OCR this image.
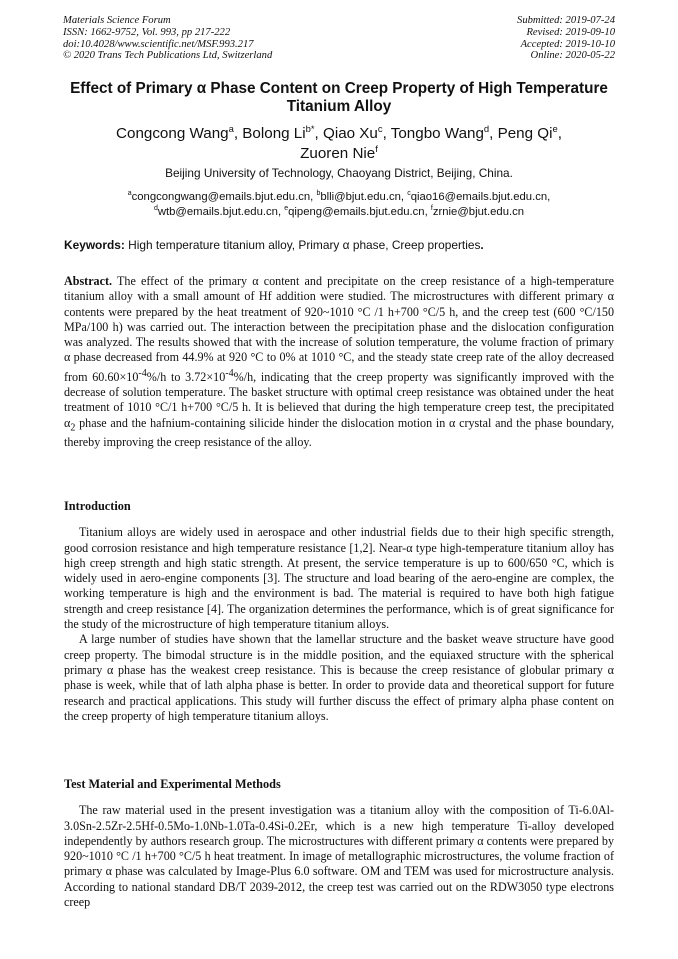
Materials Science Forum
ISSN: 1662-9752, Vol. 993, pp 217-222
doi:10.4028/www.scientific.net/MSF.993.217
© 2020 Trans Tech Publications Ltd, Switzerland
Submitted: 2019-07-24
Revised: 2019-09-10
Accepted: 2019-10-10
Online: 2020-05-22
Effect of Primary α Phase Content on Creep Property of High Temperature Titanium Alloy
Congcong Wang$^a$, Bolong $Li^{b*}$, Qiao Xu$^c$, Tongbo Wang$^d$, Peng Qi$^e$,
Zuoren Nie$^f$
Beijing University of Technology, Chaoyang District, Beijing, China.
$^a$congcongwang@emails.bjut.edu.cn, $^b$blli@bjut.edu.cn, $^c$qiao16@emails.bjut.edu.cn,
$^d$wtb@emails.bjut.edu.cn, $^e$qipeng@emails.bjut.edu.cn, $^f$zrnie@bjut.edu.cn
Keywords: High temperature titanium alloy, Primary α phase, Creep properties.

Abstract. The effect of the primary α content and precipitate on the creep resistance of a high-temperature titanium alloy with a small amount of Hf addition were studied. The microstructures with different primary α contents were prepared by the heat treatment of 920~1010 °C /1 h+700 °C/5 h, and the creep test (600 °C/150 MPa/100 h) was carried out. The interaction between the precipitation phase and the dislocation configuration was analyzed. The results showed that with the increase of solution temperature, the volume fraction of primary α phase decreased from 44.9% at 920 °C to 0% at 1010 °C, and the steady state creep rate of the alloy decreased from $60.60\times 10^{-4}\%/h$ to $3.72\times 10^{-4}\%/h$, indicating that the creep property was significantly improved with the decrease of solution temperature. The basket structure with optimal creep resistance was obtained under the heat treatment of 1010 °C/1 h+700 °C/5 h. It is believed that during the high temperature creep test, the precipitated $\alpha_2$ phase and the hafnium-containing silicide hinder the dislocation motion in α crystal and the phase boundary, thereby improving the creep resistance of the alloy.

Introduction

Titanium alloys are widely used in aerospace and other industrial fields due to their high specific strength, good corrosion resistance and high temperature resistance [1,2]. Near-α type high-temperature titanium alloy has high creep strength and high static strength. At present, the service temperature is up to 600/650 °C, which is widely used in aero-engine components [3]. The structure and load bearing of the aero-engine are complex, the working temperature is high and the environment is bad. The material is required to have both high fatigue strength and creep resistance [4]. The organization determines the performance, which is of great significance for the study of the microstructure of high temperature titanium alloys.

A large number of studies have shown that the lamellar structure and the basket weave structure have good creep property. The bimodal structure is in the middle position, and the equiaxed structure with the spherical primary α phase has the weakest creep resistance. This is because the creep resistance of globular primary α phase is week, while that of lath alpha phase is better. In order to provide data and theoretical support for future research and practical applications. This study will further discuss the effect of primary alpha phase content on the creep property of high temperature titanium alloys.

Test Material and Experimental Methods

The raw material used in the present investigation was a titanium alloy with the composition of Ti-6.0Al-3.0Sn-2.5Zr-2.5Hf-0.5Mo-1.0Nb-1.0Ta-0.4Si-0.2Er, which is a new high temperature Ti-alloy developed independently by authors research group. The microstructures with different primary α contents were prepared by 920~1010 °C /1 h+700 °C/5 h heat treatment. In image of metallographic microstructures, the volume fraction of primary α phase was calculated by Image-Plus 6.0 software. OM and TEM was used for microstructure analysis. According to national standard DB/T 2039-2012, the creep test was carried out on the RDW3050 type electrons creep
